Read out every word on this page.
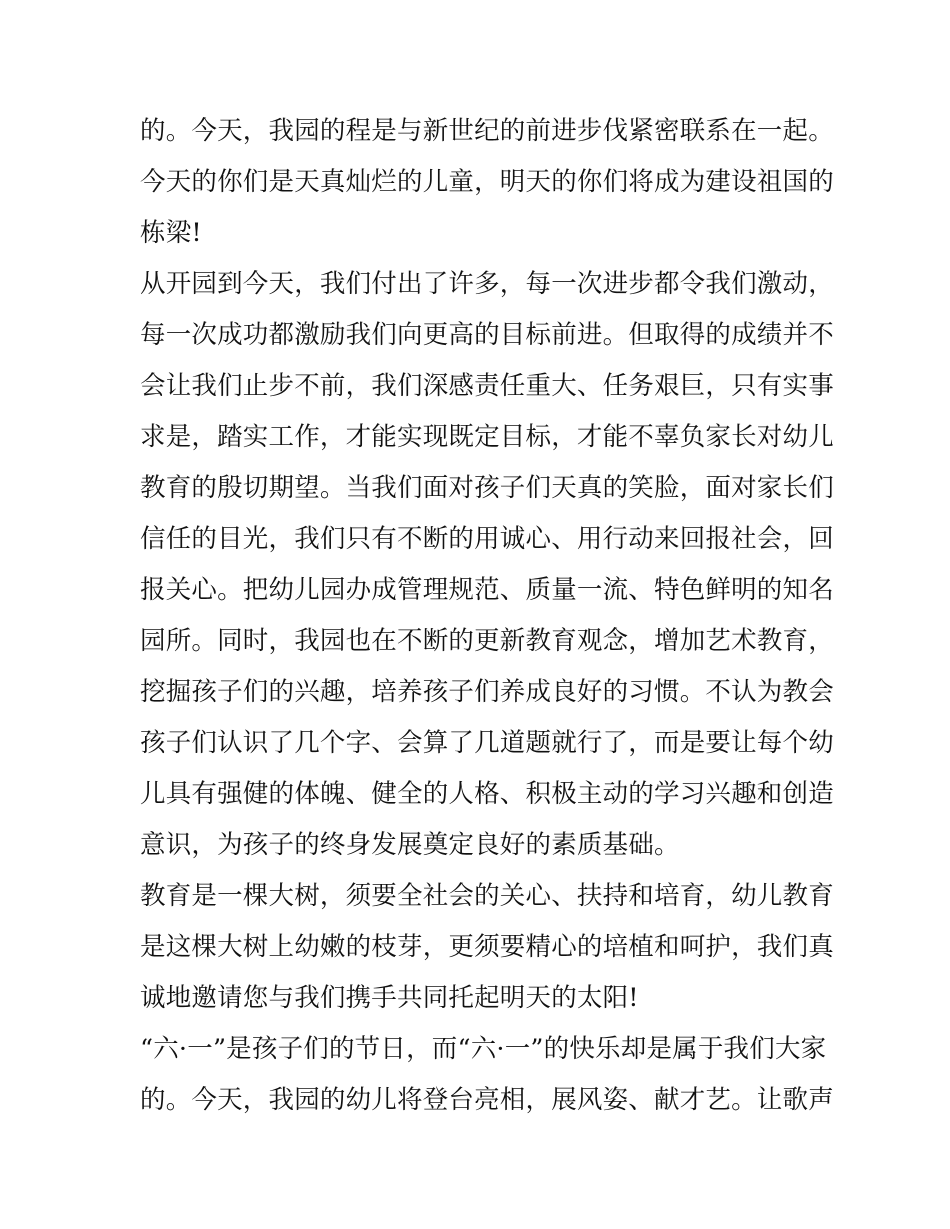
的。今天，我园的程是与新世纪的前进步伐紧密联系在一起。
今天的你们是天真灿烂的儿童，明天的你们将成为建设祖国的
栋梁!
从开园到今天，我们付出了许多，每一次进步都令我们激动，
每一次成功都激励我们向更高的目标前进。但取得的成绩并不
会让我们止步不前，我们深感责任重大、任务艰巨，只有实事
求是，踏实工作，才能实现既定目标，才能不辜负家长对幼儿
教育的殷切期望。当我们面对孩子们天真的笑脸，面对家长们
信任的目光，我们只有不断的用诚心、用行动来回报社会，回
报关心。把幼儿园办成管理规范、质量一流、特色鲜明的知名
园所。同时，我园也在不断的更新教育观念，增加艺术教育，
挖掘孩子们的兴趣，培养孩子们养成良好的习惯。不认为教会
孩子们认识了几个字、会算了几道题就行了，而是要让每个幼
儿具有强健的体魄、健全的人格、积极主动的学习兴趣和创造
意识，为孩子的终身发展奠定良好的素质基础。
教育是一棵大树，须要全社会的关心、扶持和培育，幼儿教育
是这棵大树上幼嫩的枝芽，更须要精心的培植和呵护，我们真
诚地邀请您与我们携手共同托起明天的太阳!
“六·一”是孩子们的节日，而“六·一”的快乐却是属于我们大家
的。今天，我园的幼儿将登台亮相，展风姿、献才艺。让歌声
